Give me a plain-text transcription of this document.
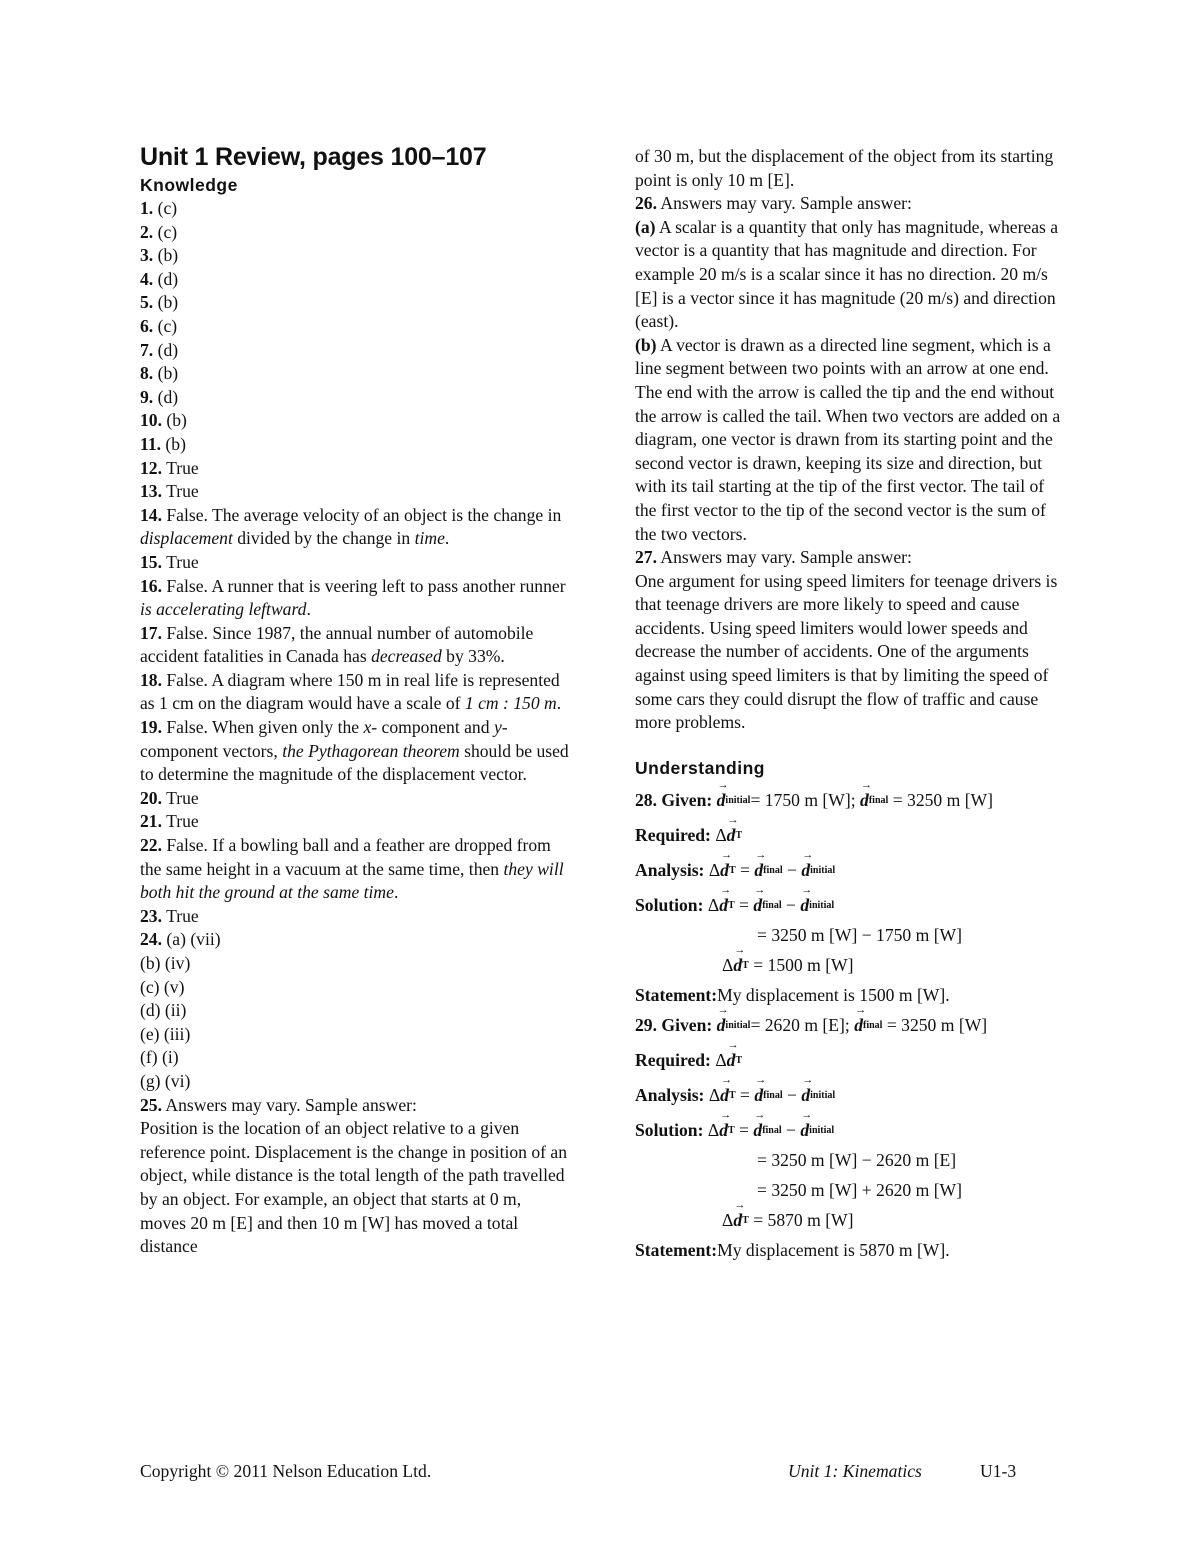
Unit 1 Review, pages 100–107
Knowledge

1. (c)

2. (c)

3. (b)

4. (d)

5. (b)

6. (c)

7. (d)

8. (b)

9. (d)

10. (b)

11. (b)

12. True

13. True

14. False. The average velocity of an object is the change in displacement divided by the change in time.

15. True

16. False. A runner that is veering left to pass another runner is accelerating leftward.

17. False. Since 1987, the annual number of automobile accident fatalities in Canada has decreased by 33%.

18. False. A diagram where 150 m in real life is represented as 1 cm on the diagram would have a scale of 1 cm : 150 m.

19. False. When given only the x- component and y-component vectors, the Pythagorean theorem should be used to determine the magnitude of the displacement vector.

20. True

21. True

22. False. If a bowling ball and a feather are dropped from the same height in a vacuum at the same time, then they will both hit the ground at the same time.

23. True

24. (a) (vii)

(b) (iv)

(c) (v)

(d) (ii)

(e) (iii)

(f) (i)

(g) (vi)

25. Answers may vary. Sample answer:

Position is the location of an object relative to a given reference point. Displacement is the change in position of an object, while distance is the total length of the path travelled by an object. For example, an object that starts at 0 m, moves 20 m [E] and then 10 m [W] has moved a total distance

of 30 m, but the displacement of the object from its starting point is only 10 m [E].

26. Answers may vary. Sample answer:

(a) A scalar is a quantity that only has magnitude, whereas a vector is a quantity that has magnitude and direction. For example 20 m/s is a scalar since it has no direction. 20 m/s [E] is a vector since it has magnitude (20 m/s) and direction (east).

(b) A vector is drawn as a directed line segment, which is a line segment between two points with an arrow at one end. The end with the arrow is called the tip and the end without the arrow is called the tail. When two vectors are added on a diagram, one vector is drawn from its starting point and the second vector is drawn, keeping its size and direction, but with its tail starting at the tip of the first vector. The tail of the first vector to the tip of the second vector is the sum of the two vectors.

27. Answers may vary. Sample answer:

One argument for using speed limiters for teenage drivers is that teenage drivers are more likely to speed and cause accidents. Using speed limiters would lower speeds and decrease the number of accidents. One of the arguments against using speed limiters is that by limiting the speed of some cars they could disrupt the flow of traffic and cause more problems.

Understanding
28. Given:

→
d initial = 1750 m [W];

→
d final
= 3250 m [W]
Required:
Δ
→
d T
Analysis:
Δ
→
d T =
→
d final −
→
d initial
Solution:
Δ
→
d T =
→
d final −
→
d initial
= 3250 m [W] − 1750 m [W]
Δ
→
d T
= 1500 m [W]
Statement: My displacement is 1500 m [W].
29. Given:

→
d initial = 2620 m [E];

→
d final
= 3250 m [W]
Required:
Δ
→
d T
Analysis:
Δ
→
d T =
→
d final −
→
d initial
Solution:
Δ
→
d T =
→
d final −
→
d initial
= 3250 m [W] − 2620 m [E]
= 3250 m [W] + 2620 m [W]
Δ
→
d T
= 5870 m [W]
Statement: My displacement is 5870 m [W].
Copyright © 2011 Nelson Education Ltd.	Unit 1: Kinematics	U1-3
